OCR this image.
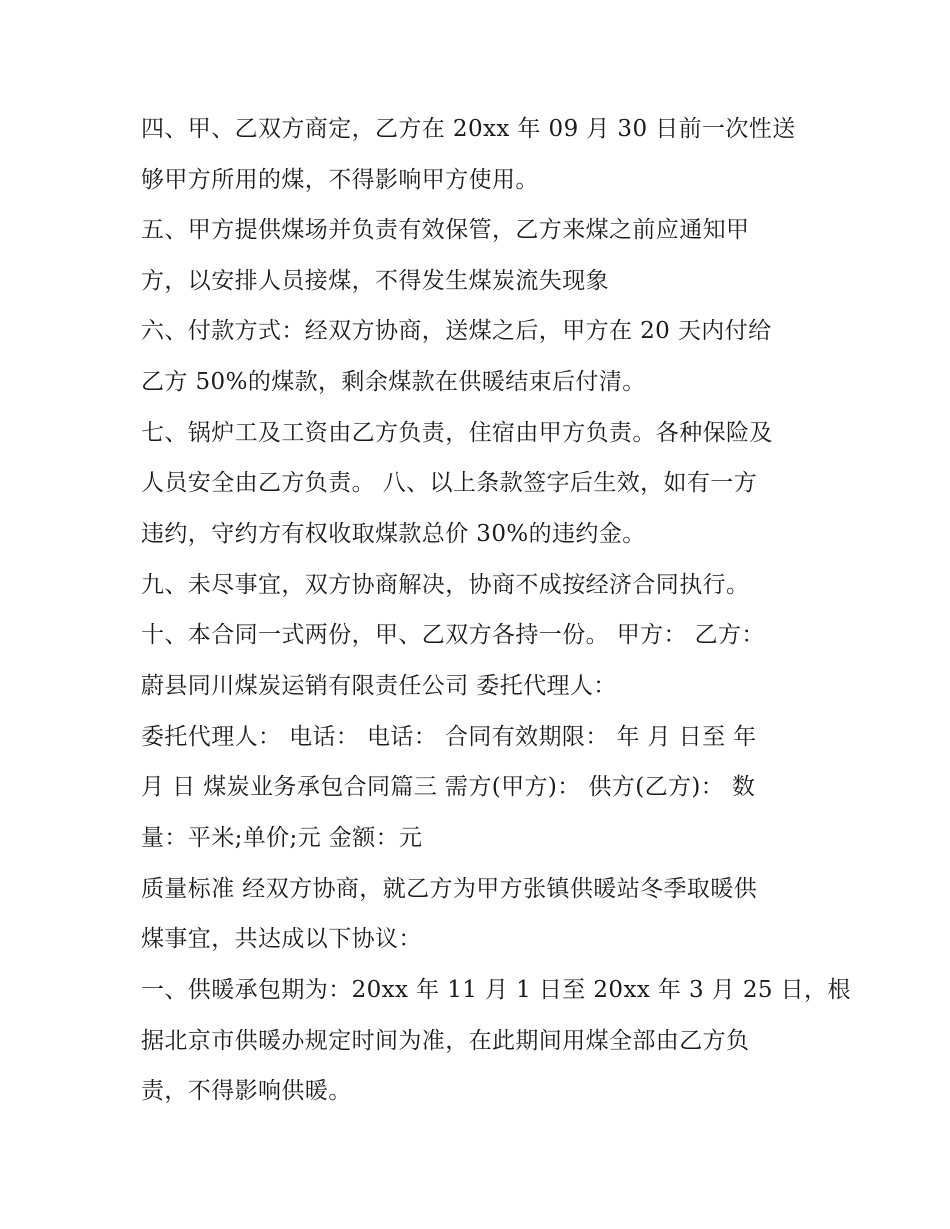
四、甲、乙双方商定，乙方在 20xx 年 09 月 30 日前一次性送
够甲方所用的煤，不得影响甲方使用。
五、甲方提供煤场并负责有效保管，乙方来煤之前应通知甲
方，以安排人员接煤，不得发生煤炭流失现象
六、付款方式：经双方协商，送煤之后，甲方在 20 天内付给
乙方 50%的煤款，剩余煤款在供暖结束后付清。
七、锅炉工及工资由乙方负责，住宿由甲方负责。各种保险及
人员安全由乙方负责。 八、以上条款签字后生效，如有一方
违约，守约方有权收取煤款总价 30%的违约金。
九、未尽事宜，双方协商解决，协商不成按经济合同执行。
十、本合同一式两份，甲、乙双方各持一份。 甲方： 乙方：
蔚县同川煤炭运销有限责任公司 委托代理人：
委托代理人： 电话： 电话： 合同有效期限： 年 月 日至 年
月 日 煤炭业务承包合同篇三 需方(甲方)： 供方(乙方)： 数
量：平米;单价;元 金额：元
质量标准 经双方协商，就乙方为甲方张镇供暖站冬季取暖供
煤事宜，共达成以下协议：
一、供暖承包期为：20xx 年 11 月 1 日至 20xx 年 3 月 25 日，根
据北京市供暖办规定时间为准，在此期间用煤全部由乙方负
责，不得影响供暖。
